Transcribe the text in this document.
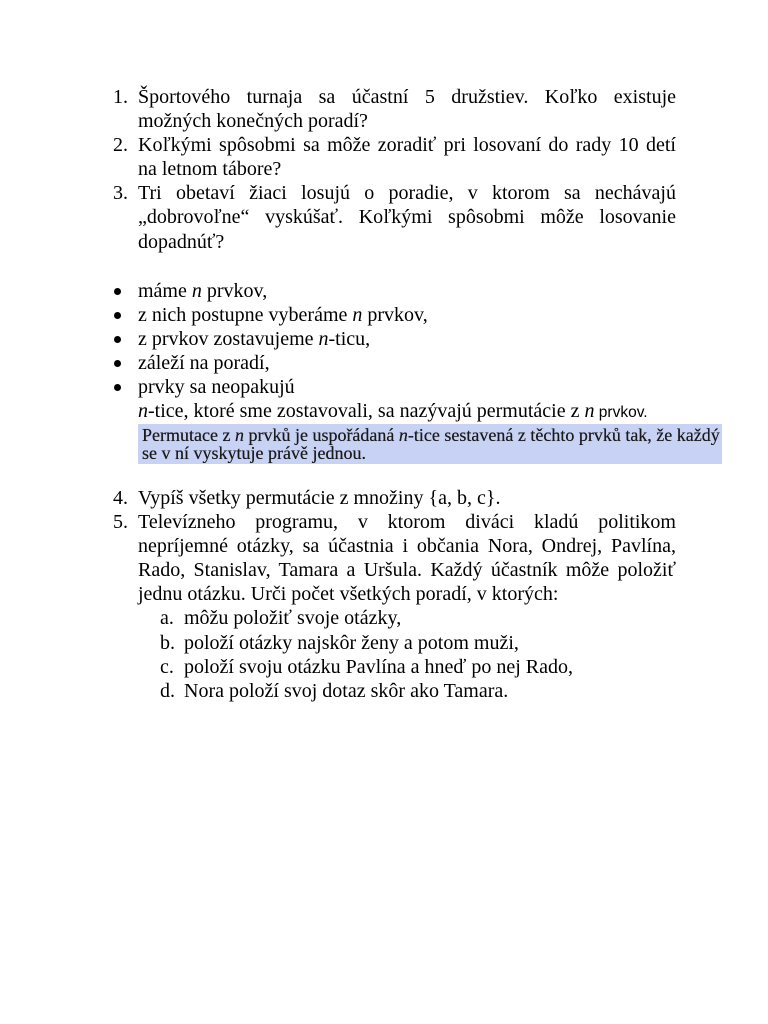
1. Športového turnaja sa účastní 5 družstiev. Koľko existuje
možných konečných poradí?
2. Koľkými spôsobmi sa môže zoradiť pri losovaní do rady 10 detí
na letnom tábore?
3. Tri obetaví žiaci losujú o poradie, v ktorom sa nechávajú
„dobrovoľne“ vyskúšať. Koľkými spôsobmi môže losovanie
dopadnúť?
máme n prvkov,
z nich postupne vyberáme n prvkov,
z prvkov zostavujeme n-ticu,
záleží na poradí,
prvky sa neopakujú
n-tice, ktoré sme zostavovali, sa nazývajú permutácie z n prvkov.
Permutace z n prvků je uspořádaná n-tice sestavená z těchto prvků tak, že každý
se v ní vyskytuje právě jednou.
4. Vypíš všetky permutácie z množiny {a, b, c}.
5. Televízneho programu, v ktorom diváci kladú politikom
nepríjemné otázky, sa účastnia i občania Nora, Ondrej, Pavlína,
Rado, Stanislav, Tamara a Uršula. Každý účastník môže položiť
jednu otázku. Urči počet všetkých poradí, v ktorých:
a. môžu položiť svoje otázky,
b. položí otázky najskôr ženy a potom muži,
c. položí svoju otázku Pavlína a hneď po nej Rado,
d. Nora položí svoj dotaz skôr ako Tamara.
